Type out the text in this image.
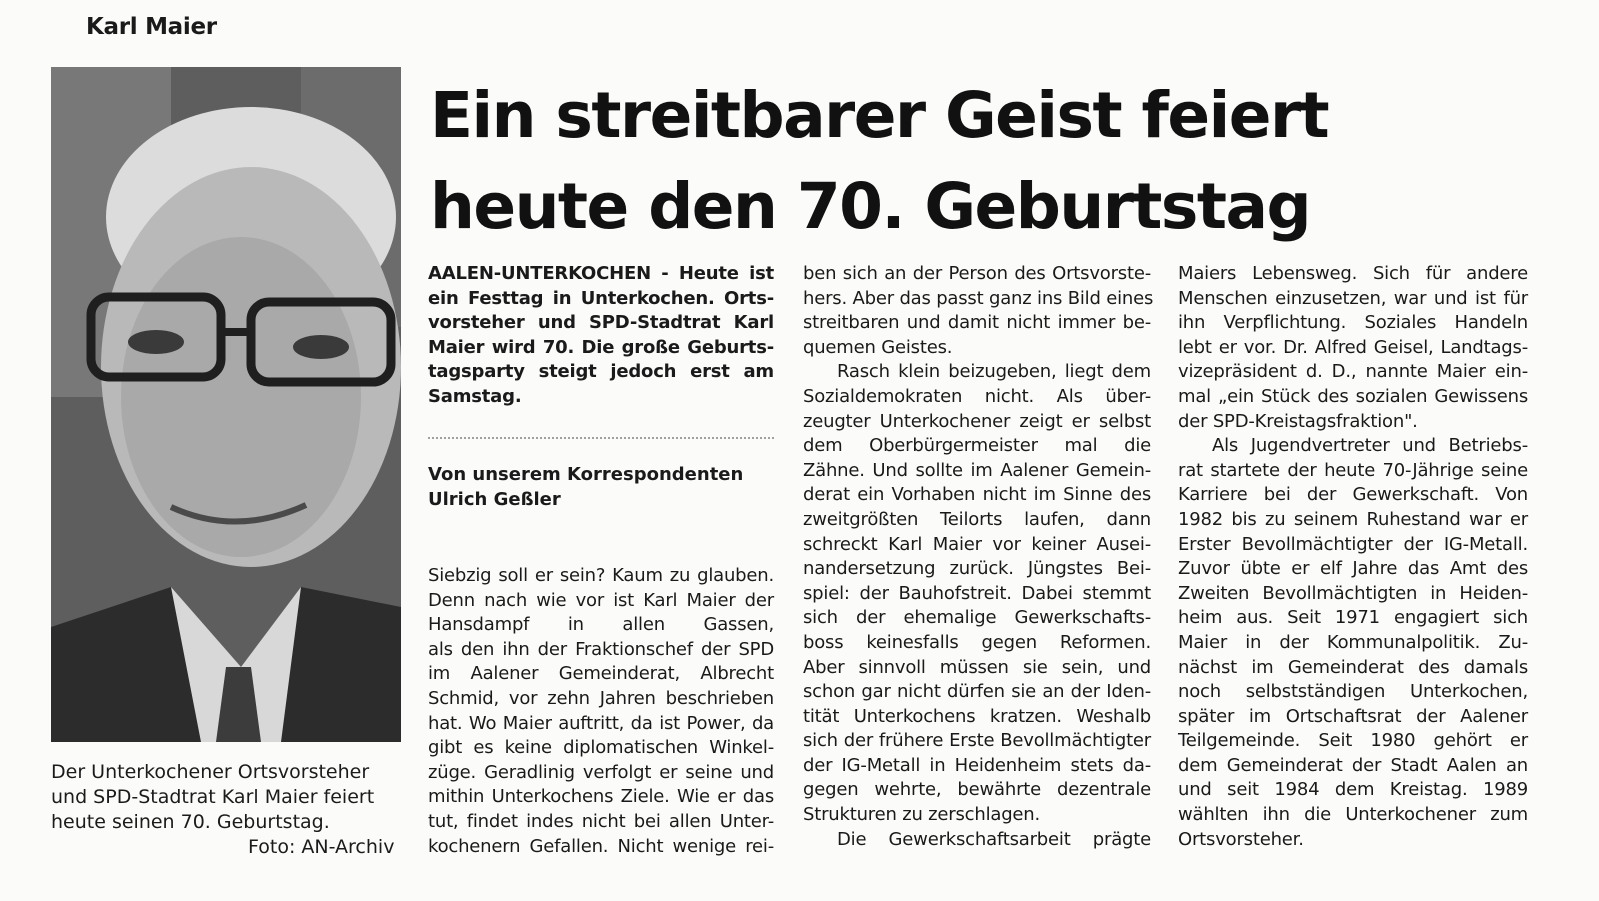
Karl Maier
Der Unterkochener Ortsvorsteher
und SPD-Stadtrat Karl Maier feiert
heute seinen 70. Geburtstag.
Foto: AN-Archiv
Ein streitbarer Geist feiert
heute den 70. Geburtstag
AALEN-UNTERKOCHEN - Heute ist
ein Festtag in Unterkochen. Orts-
vorsteher und SPD-Stadtrat Karl
Maier wird 70. Die große Geburts-
tagsparty steigt jedoch erst am
Samstag.
Von unserem Korrespondenten
Ulrich Geßler
Siebzig soll er sein? Kaum zu glauben.
Denn nach wie vor ist Karl Maier der
Hansdampf in allen Gassen,
als den ihn der Fraktionschef der SPD
im Aalener Gemeinderat, Albrecht
Schmid, vor zehn Jahren beschrieben
hat. Wo Maier auftritt, da ist Power, da
gibt es keine diplomatischen Winkel-
züge. Geradlinig verfolgt er seine und
mithin Unterkochens Ziele. Wie er das
tut, findet indes nicht bei allen Unter-
kochenern Gefallen. Nicht wenige rei-
ben sich an der Person des Ortsvorste-
hers. Aber das passt ganz ins Bild eines
streitbaren und damit nicht immer be-
quemen Geistes.
Rasch klein beizugeben, liegt dem
Sozialdemokraten nicht. Als über-
zeugter Unterkochener zeigt er selbst
dem Oberbürgermeister mal die
Zähne. Und sollte im Aalener Gemein-
derat ein Vorhaben nicht im Sinne des
zweitgrößten Teilorts laufen, dann
schreckt Karl Maier vor keiner Ausei-
nandersetzung zurück. Jüngstes Bei-
spiel: der Bauhofstreit. Dabei stemmt
sich der ehemalige Gewerkschafts-
boss keinesfalls gegen Reformen.
Aber sinnvoll müssen sie sein, und
schon gar nicht dürfen sie an der Iden-
tität Unterkochens kratzen. Weshalb
sich der frühere Erste Bevollmächtigter
der IG-Metall in Heidenheim stets da-
gegen wehrte, bewährte dezentrale
Strukturen zu zerschlagen.
Die Gewerkschaftsarbeit prägte
Maiers Lebensweg. Sich für andere
Menschen einzusetzen, war und ist für
ihn Verpflichtung. Soziales Handeln
lebt er vor. Dr. Alfred Geisel, Landtags-
vizepräsident d. D., nannte Maier ein-
mal „ein Stück des sozialen Gewissens
der SPD-Kreistagsfraktion".
Als Jugendvertreter und Betriebs-
rat startete der heute 70-Jährige seine
Karriere bei der Gewerkschaft. Von
1982 bis zu seinem Ruhestand war er
Erster Bevollmächtigter der IG-Metall.
Zuvor übte er elf Jahre das Amt des
Zweiten Bevollmächtigten in Heiden-
heim aus. Seit 1971 engagiert sich
Maier in der Kommunalpolitik. Zu-
nächst im Gemeinderat des damals
noch selbstständigen Unterkochen,
später im Ortschaftsrat der Aalener
Teilgemeinde. Seit 1980 gehört er
dem Gemeinderat der Stadt Aalen an
und seit 1984 dem Kreistag. 1989
wählten ihn die Unterkochener zum
Ortsvorsteher.
